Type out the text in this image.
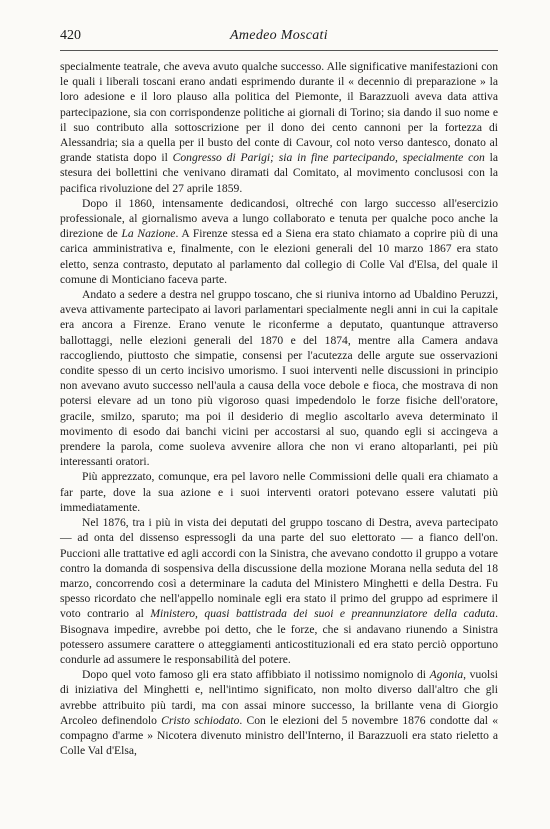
420	Amedeo Moscati

specialmente teatrale, che aveva avuto qualche successo. Alle significative manifestazioni con le quali i liberali toscani erano andati esprimendo durante il « decennio di preparazione » la loro adesione e il loro plauso alla politica del Piemonte, il Barazzuoli aveva data attiva partecipazione, sia con corrispondenze politiche ai giornali di Torino; sia dando il suo nome e il suo contributo alla sottoscrizione per il dono dei cento cannoni per la fortezza di Alessandria; sia a quella per il busto del conte di Cavour, col noto verso dantesco, donato al grande statista dopo il Congresso di Parigi; sia in fine partecipando, specialmente con la stesura dei bollettini che venivano diramati dal Comitato, al movimento conclusosi con la pacifica rivoluzione del 27 aprile 1859.

Dopo il 1860, intensamente dedicandosi, oltreché con largo successo all'esercizio professionale, al giornalismo aveva a lungo collaborato e tenuta per qualche poco anche la direzione de La Nazione. A Firenze stessa ed a Siena era stato chiamato a coprire più di una carica amministrativa e, finalmente, con le elezioni generali del 10 marzo 1867 era stato eletto, senza contrasto, deputato al parlamento dal collegio di Colle Val d'Elsa, del quale il comune di Monticiano faceva parte.

Andato a sedere a destra nel gruppo toscano, che si riuniva intorno ad Ubaldino Peruzzi, aveva attivamente partecipato ai lavori parlamentari specialmente negli anni in cui la capitale era ancora a Firenze. Erano venute le riconferme a deputato, quantunque attraverso ballottaggi, nelle elezioni generali del 1870 e del 1874, mentre alla Camera andava raccogliendo, piuttosto che simpatie, consensi per l'acutezza delle argute sue osservazioni condite spesso di un certo incisivo umorismo. I suoi interventi nelle discussioni in principio non avevano avuto successo nell'aula a causa della voce debole e fioca, che mostrava di non potersi elevare ad un tono più vigoroso quasi impedendolo le forze fisiche dell'oratore, gracile, smilzo, sparuto; ma poi il desiderio di meglio ascoltarlo aveva determinato il movimento di esodo dai banchi vicini per accostarsi al suo, quando egli si accingeva a prendere la parola, come suoleva avvenire allora che non vi erano altoparlanti, pei più interessanti oratori.

Più apprezzato, comunque, era pel lavoro nelle Commissioni delle quali era chiamato a far parte, dove la sua azione e i suoi interventi oratori potevano essere valutati più immediatamente.

Nel 1876, tra i più in vista dei deputati del gruppo toscano di Destra, aveva partecipato — ad onta del dissenso espressogli da una parte del suo elettorato — a fianco dell'on. Puccioni alle trattative ed agli accordi con la Sinistra, che avevano condotto il gruppo a votare contro la domanda di sospensiva della discussione della mozione Morana nella seduta del 18 marzo, concorrendo così a determinare la caduta del Ministero Minghetti e della Destra. Fu spesso ricordato che nell'appello nominale egli era stato il primo del gruppo ad esprimere il voto contrario al Ministero, quasi battistrada dei suoi e preannunziatore della caduta. Bisognava impedire, avrebbe poi detto, che le forze, che si andavano riunendo a Sinistra potessero assumere carattere o atteggiamenti anticostituzionali ed era stato perciò opportuno condurle ad assumere le responsabilità del potere.

Dopo quel voto famoso gli era stato affibbiato il notissimo nomignolo di Agonia, vuolsi di iniziativa del Minghetti e, nell'intimo significato, non molto diverso dall'altro che gli avrebbe attribuito più tardi, ma con assai minore successo, la brillante vena di Giorgio Arcoleo definendolo Cristo schiodato. Con le elezioni del 5 novembre 1876 condotte dal « compagno d'arme » Nicotera divenuto ministro dell'Interno, il Barazzuoli era stato rieletto a Colle Val d'Elsa,
